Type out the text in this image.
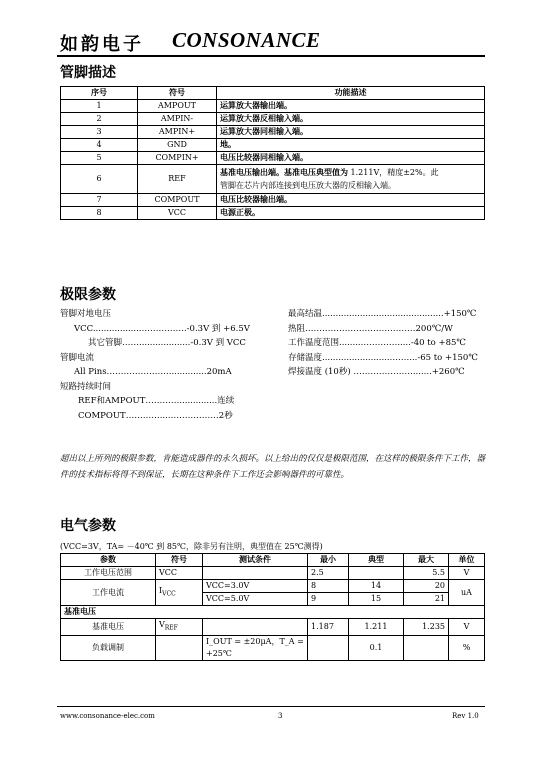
如韵电子 CONSONANCE
管脚描述
序号	符号	功能描述
1	AMPOUT	运算放大器输出端。
2	AMPIN-	运算放大器反相输入端。
3	AMPIN+	运算放大器同相输入端。
4	GND	地。
5	COMPIN+	电压比较器同相输入端。
6	REF	基准电压输出端。基准电压典型值为 1.211V，精度±2%。此
管脚在芯片内部连接到电压放大器的反相输入端。
7	COMPOUT	电压比较器输出端。
8	VCC	电源正极。
极限参数
管脚对地电压
VCC..................…………….-0.3V 到 +6.5V
其它管脚……...................-0.3V 到 VCC
管脚电流
All Pins…………………...............20mA
短路持续时间
REF和AMPOUT…………..............连续
COMPOUT…………...………………2秒
最高结温.............................................+150℃
热阻…………………………………200℃/W
工作温度范围.........………….....-40 to +85℃
存储温度.........................……....-65 to +150℃
焊接温度 (10秒) ………………….......+260℃
超出以上所列的极限参数，肯能造成器件的永久损坏。以上给出的仅仅是极限范围，在这样的极限条件下工作，器件的技术指标将得不到保证，长期在这种条件下工作还会影响器件的可靠性。
电气参数
(VCC=3V，TA= －40℃ 到 85℃，除非另有注明，典型值在 25℃测得)
参数	符号	测试条件	最小	典型	最大	单位
工作电压范围	VCC		2.5		5.5	V
工作电流	$I_{VCC}$	VCC=3.0V	8	14	20	uA
		VCC=5.0V	9	15	21	
基准电压						
基准电压	$V_{REF}$		1.187	1.211	1.235	V
负载调制		I_OUT = ±20μA，T_A = +25℃		0.1		%
www.consonance-elec.com	3	Rev 1.0
